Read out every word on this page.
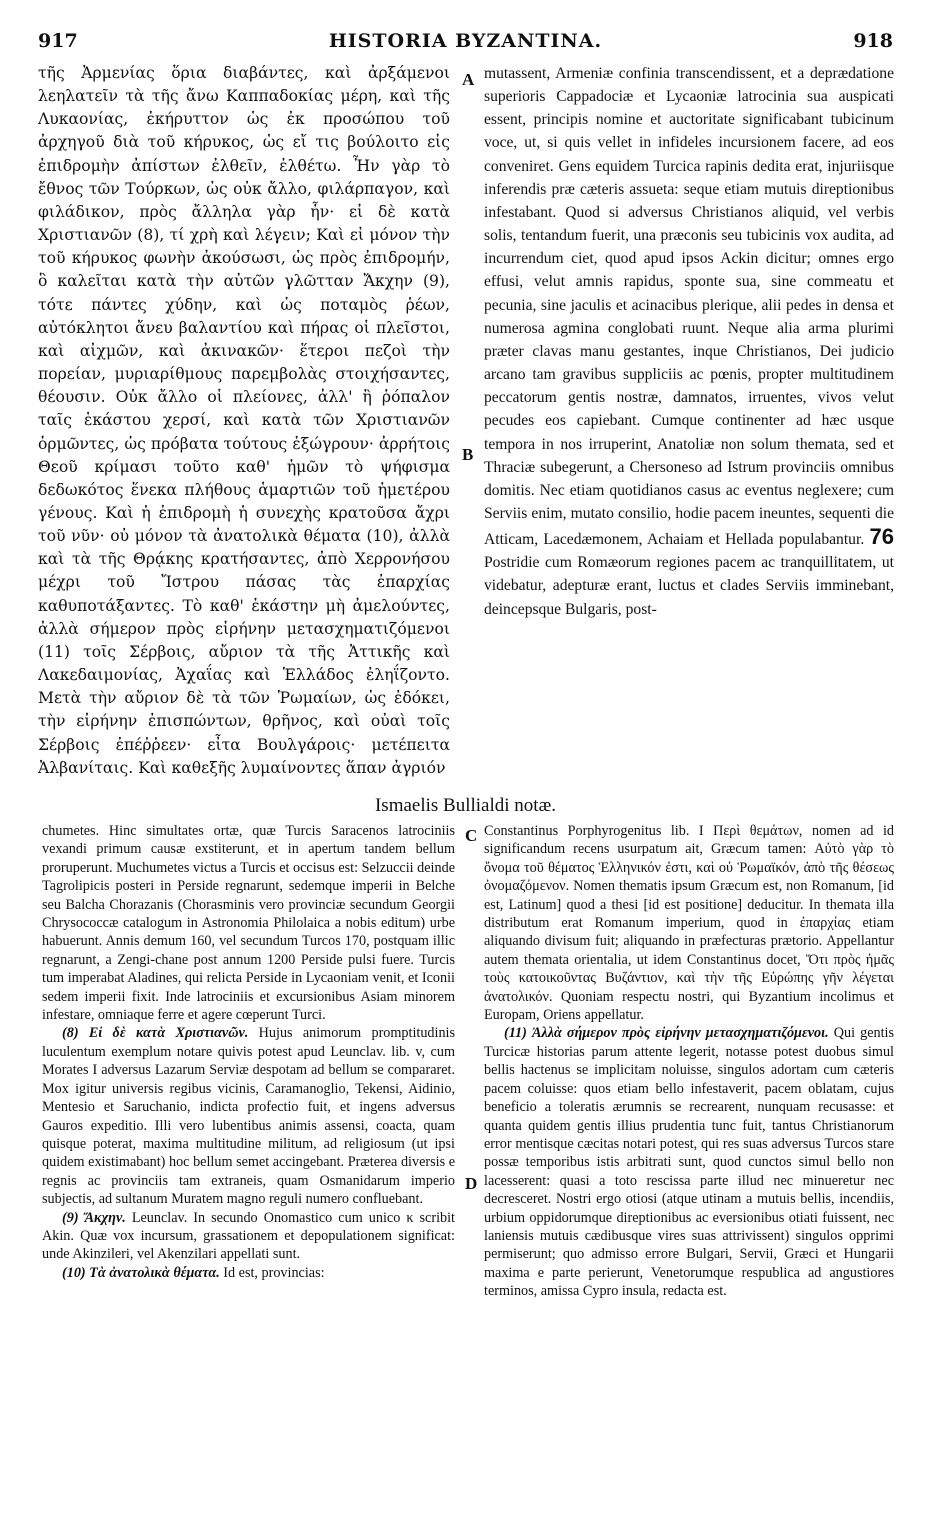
917	HISTORIA BYZANTINA.	918
A
B
C
D

τῆς Ἀρμενίας ὅρια διαβάντες, καὶ ἀρξάμενοι λεηλατεῖν τὰ τῆς ἄνω Καππαδοκίας μέρη, καὶ τῆς Λυκαονίας, ἐκήρυττον ὡς ἐκ προσώπου τοῦ ἀρχηγοῦ διὰ τοῦ κήρυκος, ὡς εἴ τις βούλοιτο εἰς ἐπιδρομὴν ἀπίστων ἐλθεῖν, ἐλθέτω. Ἦν γὰρ τὸ ἔθνος τῶν Τούρκων, ὡς οὐκ ἄλλο, φιλάρπαγον, καὶ φιλάδικον, πρὸς ἄλληλα γὰρ ἦν· εἰ δὲ κατὰ Χριστιανῶν (8), τί χρὴ καὶ λέγειν; Καὶ εἰ μόνον τὴν τοῦ κήρυκος φωνὴν ἀκούσωσι, ὡς πρὸς ἐπιδρομήν, ὃ καλεῖται κατὰ τὴν αὐτῶν γλῶτταν Ἄκχην (9), τότε πάντες χύδην, καὶ ὡς ποταμὸς ῥέων, αὐτόκλητοι ἄνευ βαλαντίου καὶ πήρας οἱ πλεῖστοι, καὶ αἰχμῶν, καὶ ἀκινακῶν· ἕτεροι πεζοὶ τὴν πορείαν, μυριαρίθμους παρεμβολὰς στοιχήσαντες, θέουσιν. Οὐκ ἄλλο οἱ πλείονες, ἀλλ' ἢ ῥόπαλον ταῖς ἑκάστου χερσί, καὶ κατὰ τῶν Χριστιανῶν ὁρμῶντες, ὡς πρόβατα τούτους ἐξώγρουν· ἀρρήτοις Θεοῦ κρίμασι τοῦτο καθ' ἡμῶν τὸ ψήφισμα δεδωκότος ἕνεκα πλήθους ἁμαρτιῶν τοῦ ἡμετέρου γένους. Καὶ ἡ ἐπιδρομὴ ἡ συνεχὴς κρατοῦσα ἄχρι τοῦ νῦν· οὐ μόνον τὰ ἀνατολικὰ θέματα (10), ἀλλὰ καὶ τὰ τῆς Θρᾴκης κρατήσαντες, ἀπὸ Χερρονήσου μέχρι τοῦ Ἴστρου πάσας τὰς ἐπαρχίας καθυποτάξαντες. Τὸ καθ' ἑκάστην μὴ ἀμελούντες, ἀλλὰ σήμερον πρὸς εἰρήνην μετασχηματιζόμενοι (11) τοῖς Σέρβοις, αὔριον τὰ τῆς Ἀττικῆς καὶ Λακεδαιμονίας, Ἀχαΐας καὶ Ἑλλάδος ἐληΐζοντο. Μετὰ τὴν αὔριον δὲ τὰ τῶν Ῥωμαίων, ὡς ἐδόκει, τὴν εἰρήνην ἐπισπώντων, θρῆνος, καὶ οὐαὶ τοῖς Σέρβοις ἐπέῤῥεεν· εἶτα Βουλγάροις· μετέπειτα Ἀλβανίταις. Καὶ καθεξῆς λυμαίνοντες ἅπαν ἀγριόν

mutassent, Armeniæ confinia transcendissent, et a deprædatione superioris Cappadociæ et Lycaoniæ latrocinia sua auspicati essent, principis nomine et auctoritate significabant tubicinum voce, ut, si quis vellet in infideles incursionem facere, ad eos conveniret. Gens equidem Turcica rapinis dedita erat, injuriisque inferendis præ cæteris assueta: seque etiam mutuis direptionibus infestabant. Quod si adversus Christianos aliquid, vel verbis solis, tentandum fuerit, una præconis seu tubicinis vox audita, ad incurrendum ciet, quod apud ipsos Ackin dicitur; omnes ergo effusi, velut amnis rapidus, sponte sua, sine commeatu et pecunia, sine jaculis et acinacibus plerique, alii pedes in densa et numerosa agmina conglobati ruunt. Neque alia arma plurimi præter clavas manu gestantes, inque Christianos, Dei judicio arcano tam gravibus suppliciis ac pœnis, propter multitudinem peccatorum gentis nostræ, damnatos, irruentes, vivos velut pecudes eos capiebant. Cumque continenter ad hæc usque tempora in nos irruperint, Anatoliæ non solum themata, sed et Thraciæ subegerunt, a Chersoneso ad Istrum provinciis omnibus domitis. Nec etiam quotidianos casus ac eventus neglexere; cum Serviis enim, mutato consilio, hodie pacem ineuntes, sequenti die Atticam, Lacedæmonem, Achaiam et Hellada populabantur. 76 Postridie cum Romæorum regiones pacem ac tranquillitatem, ut videbatur, adepturæ erant, luctus et clades Serviis imminebant, deincepsque Bulgaris, post-

Ismaelis Bullialdi notæ.

chumetes. Hinc simultates ortæ, quæ Turcis Saracenos latrociniis vexandi primum causæ exstiterunt, et in apertum tandem bellum proruperunt. Muchumetes victus a Turcis et occisus est: Selzuccii deinde Tagrolipicis posteri in Perside regnarunt, sedemque imperii in Belche seu Balcha Chorazanis (Chorasminis vero provinciæ secundum Georgii Chrysococcæ catalogum in Astronomia Philolaica a nobis editum) urbe habuerunt. Annis demum 160, vel secundum Turcos 170, postquam illic regnarunt, a Zengi-chane post annum 1200 Perside pulsi fuere. Turcis tum imperabat Aladines, qui relicta Perside in Lycaoniam venit, et Iconii sedem imperii fixit. Inde latrociniis et excursionibus Asiam minorem infestare, omniaque ferre et agere cœperunt Turci.

(8) Εἰ δὲ κατὰ Χριστιανῶν. Hujus animorum promptitudinis luculentum exemplum notare quivis potest apud Leunclav. lib. v, cum Morates I adversus Lazarum Serviæ despotam ad bellum se compararet. Mox igitur universis regibus vicinis, Caramanoglio, Tekensi, Aidinio, Mentesio et Saruchanio, indicta profectio fuit, et ingens adversus Gauros expeditio. Illi vero lubentibus animis assensi, coacta, quam quisque poterat, maxima multitudine militum, ad religiosum (ut ipsi quidem existimabant) hoc bellum semet accingebant. Præterea diversis e regnis ac provinciis tam extraneis, quam Osmanidarum imperio subjectis, ad sultanum Muratem magno reguli numero confluebant.

(9) Ἄκχην. Leunclav. In secundo Onomastico cum unico κ scribit Akin. Quæ vox incursum, grassationem et depopulationem significat: unde Akinzileri, vel Akenzilari appellati sunt.

(10) Τὰ ἀνατολικὰ θέματα. Id est, provincias:

Constantinus Porphyrogenitus lib. I Περὶ θεμάτων, nomen ad id significandum recens usurpatum ait, Græcum tamen: Αὐτὸ γὰρ τὸ ὄνομα τοῦ θέματος Ἑλληνικόν ἐστι, καὶ οὐ Ῥωμαϊκόν, ἀπὸ τῆς θέσεως ὀνομαζόμενον. Nomen thematis ipsum Græcum est, non Romanum, [id est, Latinum] quod a thesi [id est positione] deducitur. In themata illa distributum erat Romanum imperium, quod in ἐπαρχίας etiam aliquando divisum fuit; aliquando in præfecturas prætorio. Appellantur autem themata orientalia, ut idem Constantinus docet, Ὅτι πρὸς ἡμᾶς τοὺς κατοικοῦντας Βυζάντιον, καὶ τὴν τῆς Εὐρώπης γῆν λέγεται ἀνατολικόν. Quoniam respectu nostri, qui Byzantium incolimus et Europam, Oriens appellatur.

(11) Ἀλλὰ σήμερον πρὸς εἰρήνην μετασχηματιζόμενοι. Qui gentis Turcicæ historias parum attente legerit, notasse potest duobus simul bellis hactenus se implicitam noluisse, singulos adortam cum cæteris pacem coluisse: quos etiam bello infestaverit, pacem oblatam, cujus beneficio a toleratis ærumnis se recrearent, nunquam recusasse: et quanta quidem gentis illius prudentia tunc fuit, tantus Christianorum error mentisque cæcitas notari potest, qui res suas adversus Turcos stare possæ temporibus istis arbitrati sunt, quod cunctos simul bello non lacesserent: quasi a toto rescissa parte illud nec minueretur nec decresceret. Nostri ergo otiosi (atque utinam a mutuis bellis, incendiis, urbium oppidorumque direptionibus ac eversionibus otiati fuissent, nec laniensis mutuis cædibusque vires suas attrivissent) singulos opprimi permiserunt; quo admisso errore Bulgari, Servii, Græci et Hungarii maxima e parte perierunt, Venetorumque respublica ad angustiores terminos, amissa Cypro insula, redacta est.
